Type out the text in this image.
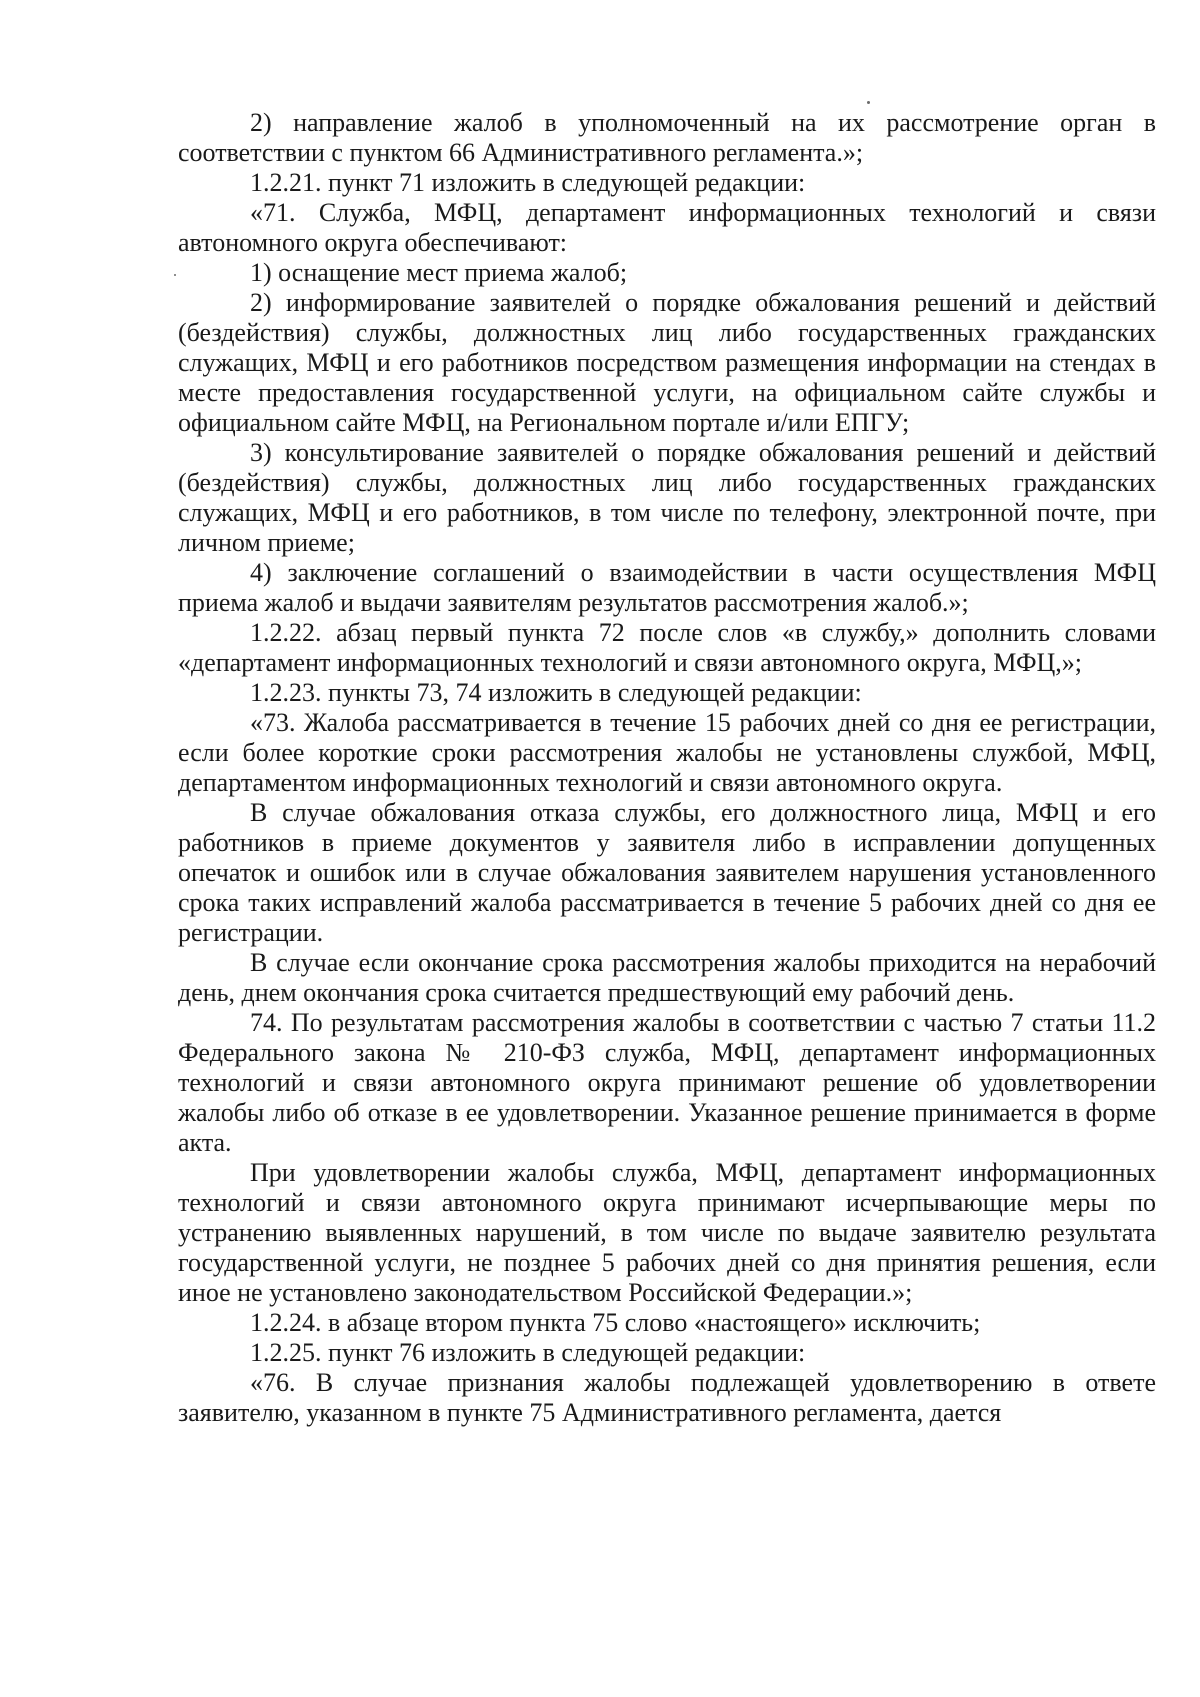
2) направление жалоб в уполномоченный на их рассмотрение орган в соответствии с пунктом 66 Административного регламента.»;

1.2.21. пункт 71 изложить в следующей редакции:

«71. Служба, МФЦ, департамент информационных технологий и связи автономного округа обеспечивают:

1) оснащение мест приема жалоб;

2) информирование заявителей о порядке обжалования решений и действий (бездействия) службы, должностных лиц либо государственных гражданских служащих, МФЦ и его работников посредством размещения информации на стендах в месте предоставления государственной услуги, на официальном сайте службы и официальном сайте МФЦ, на Региональном портале и/или ЕПГУ;

3) консультирование заявителей о порядке обжалования решений и действий (бездействия) службы, должностных лиц либо государственных гражданских служащих, МФЦ и его работников, в том числе по телефону, электронной почте, при личном приеме;

4) заключение соглашений о взаимодействии в части осуществления МФЦ приема жалоб и выдачи заявителям результатов рассмотрения жалоб.»;

1.2.22. абзац первый пункта 72 после слов «в службу,» дополнить словами «департамент информационных технологий и связи автономного округа, МФЦ,»;

1.2.23. пункты 73, 74 изложить в следующей редакции:

«73. Жалоба рассматривается в течение 15 рабочих дней со дня ее регистрации, если более короткие сроки рассмотрения жалобы не установлены службой, МФЦ, департаментом информационных технологий и связи автономного округа.

В случае обжалования отказа службы, его должностного лица, МФЦ и его работников в приеме документов у заявителя либо в исправлении допущенных опечаток и ошибок или в случае обжалования заявителем нарушения установленного срока таких исправлений жалоба рассматривается в течение 5 рабочих дней со дня ее регистрации.

В случае если окончание срока рассмотрения жалобы приходится на нерабочий день, днем окончания срока считается предшествующий ему рабочий день.

74. По результатам рассмотрения жалобы в соответствии с частью 7 статьи 11.2 Федерального закона № 210-ФЗ служба, МФЦ, департамент информационных технологий и связи автономного округа принимают решение об удовлетворении жалобы либо об отказе в ее удовлетворении. Указанное решение принимается в форме акта.

При удовлетворении жалобы служба, МФЦ, департамент информационных технологий и связи автономного округа принимают исчерпывающие меры по устранению выявленных нарушений, в том числе по выдаче заявителю результата государственной услуги, не позднее 5 рабочих дней со дня принятия решения, если иное не установлено законодательством Российской Федерации.»;

1.2.24. в абзаце втором пункта 75 слово «настоящего» исключить;

1.2.25. пункт 76 изложить в следующей редакции:

«76. В случае признания жалобы подлежащей удовлетворению в ответе заявителю, указанном в пункте 75 Административного регламента, дается
